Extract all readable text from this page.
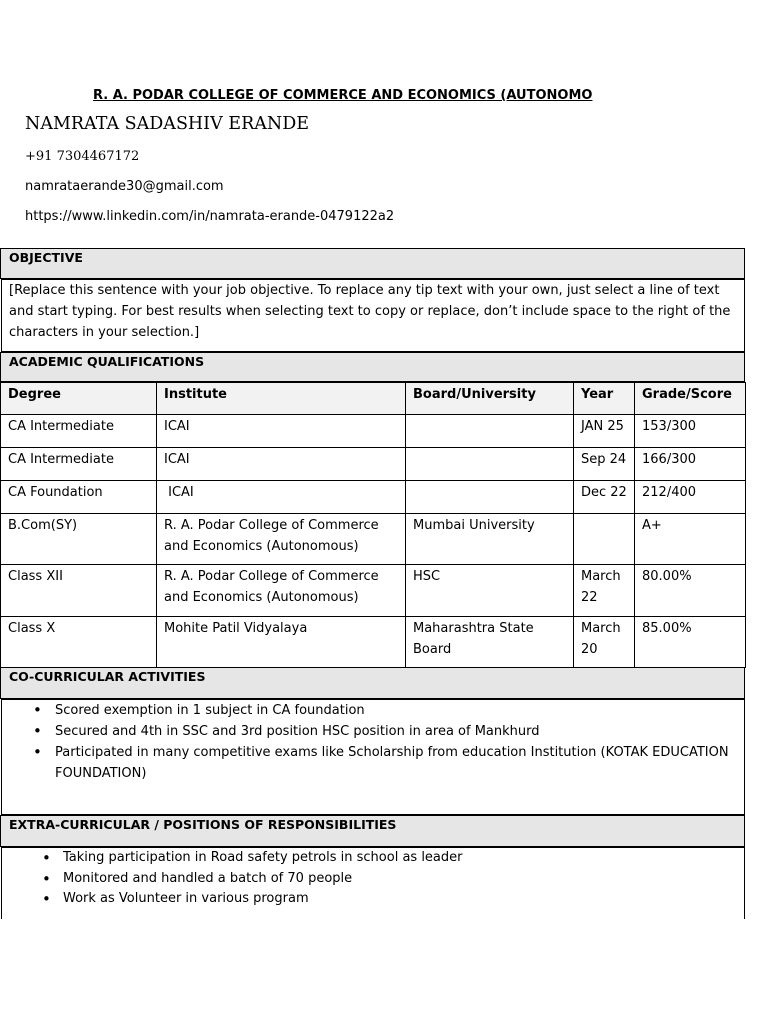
R. A. PODAR COLLEGE OF COMMERCE AND ECONOMICS (AUTONOMO
NAMRATA SADASHIV ERANDE
+91 7304467172
namrataerande30@gmail.com
https://www.linkedin.com/in/namrata-erande-0479122a2
OBJECTIVE
[Replace this sentence with your job objective. To replace any tip text with your own, just select a line of text and start typing. For best results when selecting text to copy or replace, don’t include space to the right of the characters in your selection.]
ACADEMIC QUALIFICATIONS
Degree	Institute	Board/University	Year	Grade/Score
CA Intermediate	ICAI		JAN 25	153/300
CA Intermediate	ICAI		Sep 24	166/300
CA Foundation	ICAI		Dec 22	212/400
B.Com(SY)	R. A. Podar College of Commerce and Economics (Autonomous)	Mumbai University		A+
Class XII	R. A. Podar College of Commerce and Economics (Autonomous)	HSC	March 22	80.00%
Class X	Mohite Patil Vidyalaya	Maharashtra State Board	March 20	85.00%
CO-CURRICULAR ACTIVITIES
• Scored exemption in 1 subject in CA foundation
• Secured and 4th in SSC and 3rd position HSC position in area of Mankhurd
• Participated in many competitive exams like Scholarship from education Institution (KOTAK EDUCATION FOUNDATION)
EXTRA-CURRICULAR / POSITIONS OF RESPONSIBILITIES
• Taking participation in Road safety petrols in school as leader
• Monitored and handled a batch of 70 people
• Work as Volunteer in various program
